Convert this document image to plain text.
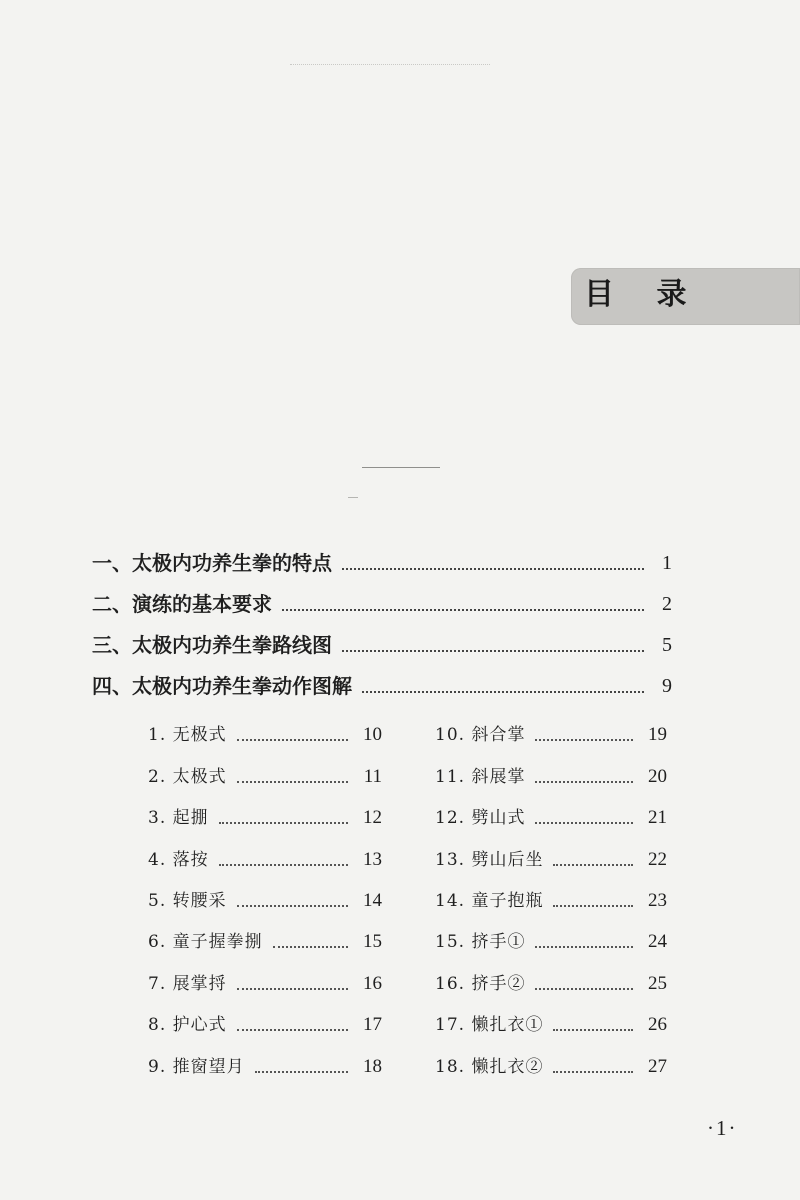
目 录
一、太极内功养生拳的特点	1
二、演练的基本要求	2
三、太极内功养生拳路线图	5
四、太极内功养生拳动作图解	9
1. 无极式	10
2. 太极式	11
3. 起掤	12
4. 落按	13
5. 转腰采	14
6. 童子握拳捌	15
7. 展掌捋	16
8. 护心式	17
9. 推窗望月	18
10. 斜合掌	19
11. 斜展掌	20
12. 劈山式	21
13. 劈山后坐	22
14. 童子抱瓶	23
15. 挤手①	24
16. 挤手②	25
17. 懒扎衣①	26
18. 懒扎衣②	27
·1·
